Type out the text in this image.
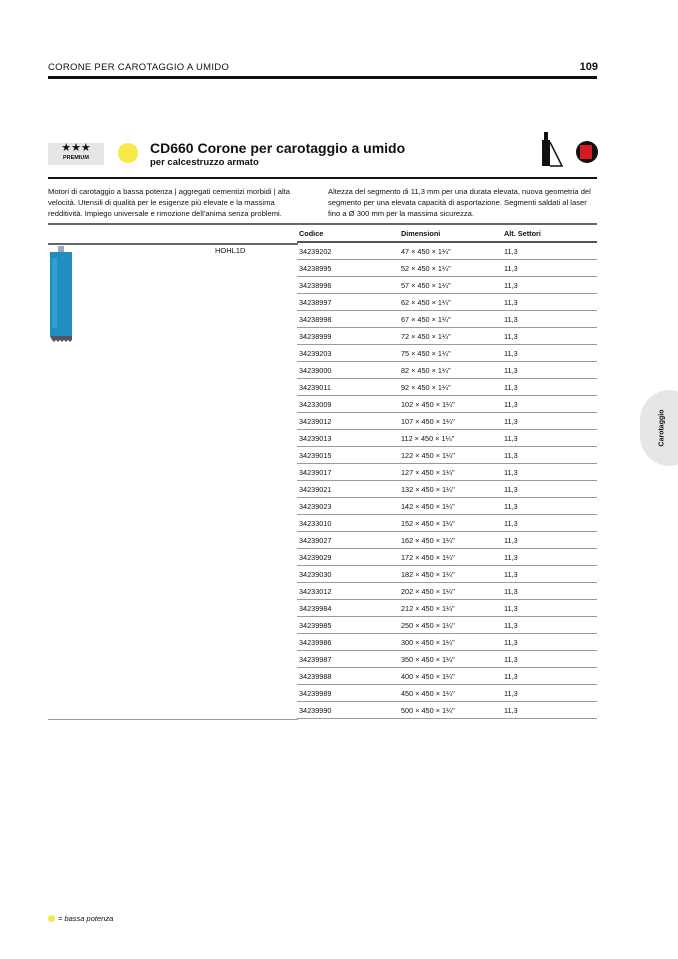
CORONE PER CAROTAGGIO A UMIDO	109
★★★
PREMIUM
CD660 Corone per carotaggio a umido
per calcestruzzo armato
Motori di carotaggio a bassa potenza | aggregati cementizi morbidi | alta velocità. Utensili di qualità per le esigenze più elevate e la massima redditività. Impiego universale e rimozione dell’anima senza problemi.
Altezza del segmento di 11,3 mm per una durata elevata, nuova geometria del segmento per una elevata capacità di asportazione. Segmenti saldati al laser fino a Ø 300 mm per la massima sicurezza.
HOHL1D
Codice	Dimensioni	Alt. Settori
34239202	47 × 450 × 1¼"	11,3
34238995	52 × 450 × 1¼"	11,3
34238996	57 × 450 × 1¼"	11,3
34238997	62 × 450 × 1¼"	11,3
34238998	67 × 450 × 1¼"	11,3
34238999	72 × 450 × 1¼"	11,3
34239203	75 × 450 × 1¼"	11,3
34239000	82 × 450 × 1¼"	11,3
34239011	92 × 450 × 1¼"	11,3
34233009	102 × 450 × 1¼"	11,3
34239012	107 × 450 × 1¼"	11,3
34239013	112 × 450 × 1¼"	11,3
34239015	122 × 450 × 1¼"	11,3
34239017	127 × 450 × 1¼"	11,3
34239021	132 × 450 × 1¼"	11,3
34239023	142 × 450 × 1¼"	11,3
34233010	152 × 450 × 1¼"	11,3
34239027	162 × 450 × 1¼"	11,3
34239029	172 × 450 × 1¼"	11,3
34239030	182 × 450 × 1¼"	11,3
34233012	202 × 450 × 1¼"	11,3
34239984	212 × 450 × 1¼"	11,3
34239985	250 × 450 × 1¼"	11,3
34239986	300 × 450 × 1¼"	11,3
34239987	350 × 450 × 1¼"	11,3
34239988	400 × 450 × 1¼"	11,3
34239989	450 × 450 × 1¼"	11,3
34239990	500 × 450 × 1¼"	11,3
Carotaggio
= bassa potenza
